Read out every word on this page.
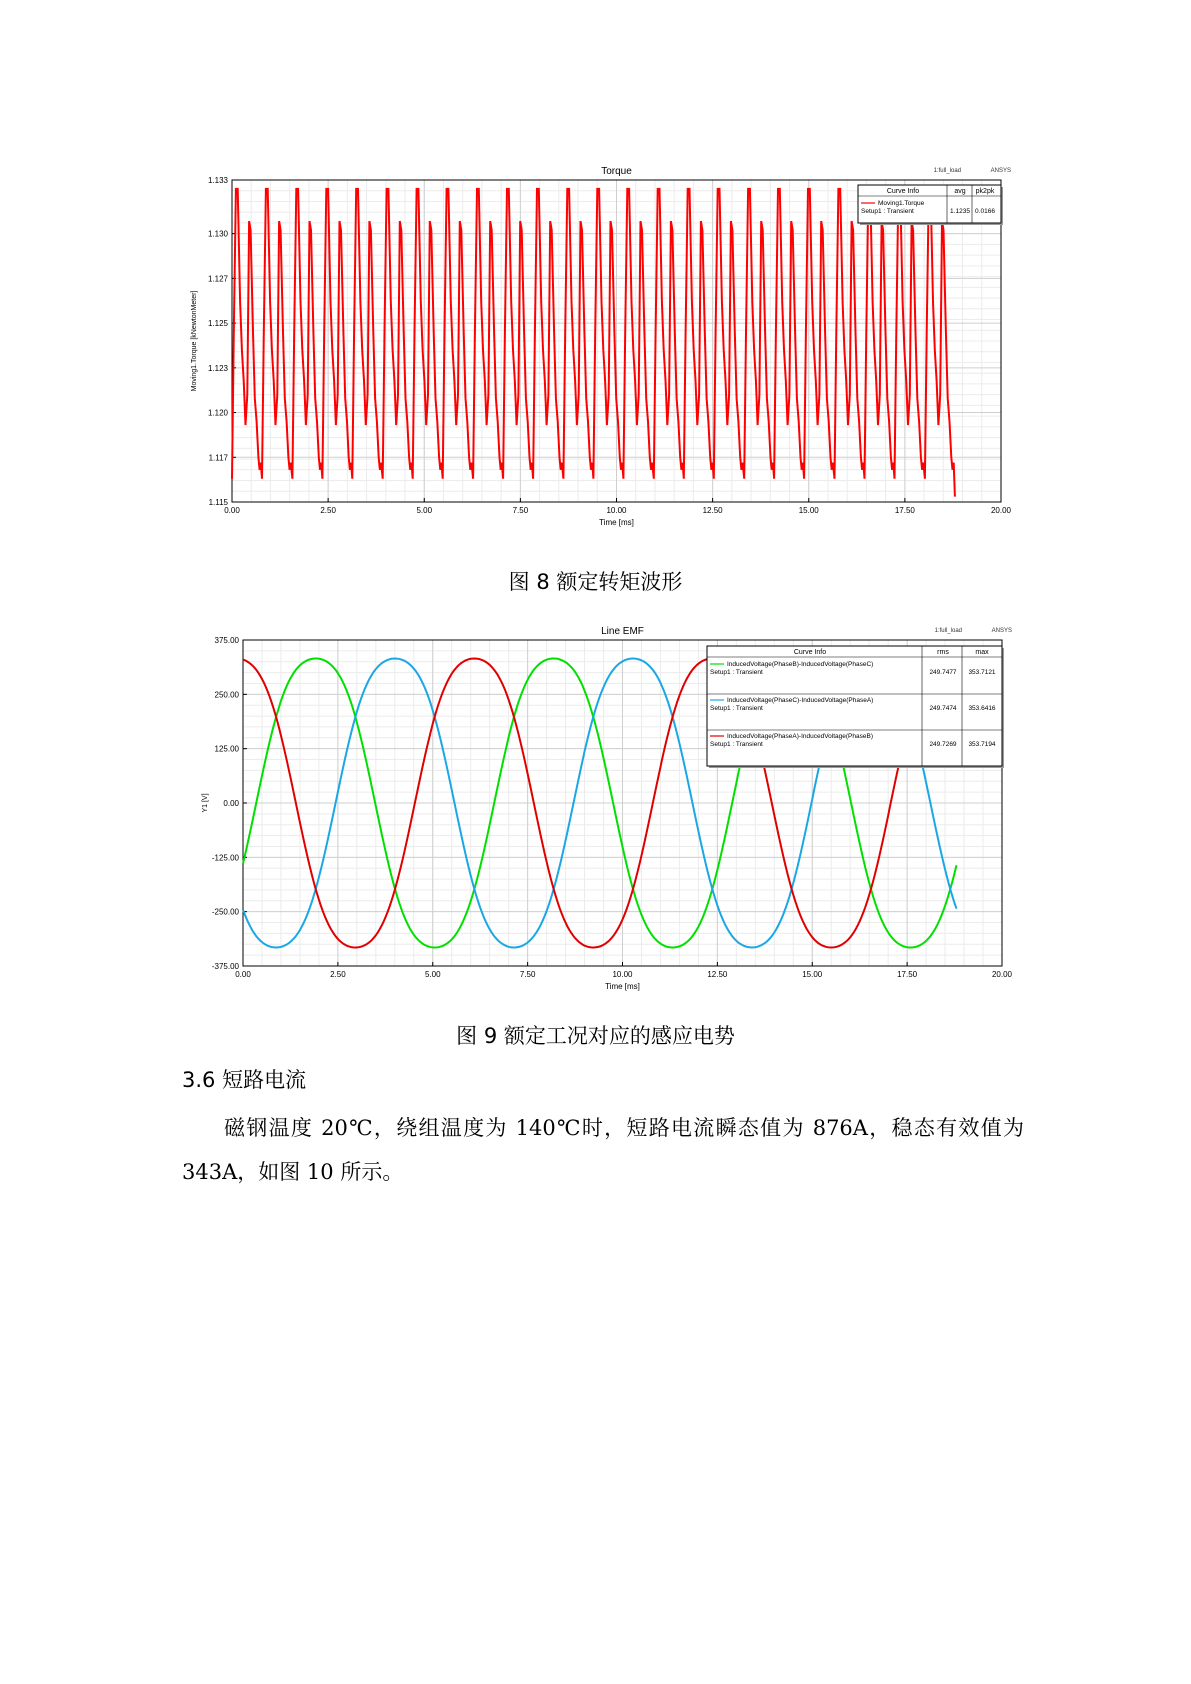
0.00	2.50	5.00	7.50	10.00	12.50	15.00	17.50	20.00
1.115
1.117
1.120
1.123
1.125
1.127
1.130
1.133
Torque	1:full_load	ANSYS
Time [ms]
Moving1.Torque [kNewtonMeter]
Curve Info	avg pk2pk
Moving1.Torque
Setup1 : Transient	1.1235 0.0166
图 8 额定转矩波形
0.00	2.50	5.00	7.50	10.00	12.50	15.00	17.50	20.00
-375.00
-250.00
-125.00
0.00
125.00
250.00
375.00
Line EMF	1:full_load	ANSYS
Time [ms]
Y1 [V]
Curve Info	rms	max
InducedVoltage(PhaseB)-InducedVoltage(PhaseC)
Setup1 : Transient	249.7477 353.7121
InducedVoltage(PhaseC)-InducedVoltage(PhaseA)
Setup1 : Transient	249.7474 353.6416
InducedVoltage(PhaseA)-InducedVoltage(PhaseB)
Setup1 : Transient	249.7269 353.7194
图 9 额定工况对应的感应电势
3.6 短路电流
磁钢温度 20℃，绕组温度为 140℃时，短路电流瞬态值为 876A，稳态有效值为 343A，如图 10 所示。
